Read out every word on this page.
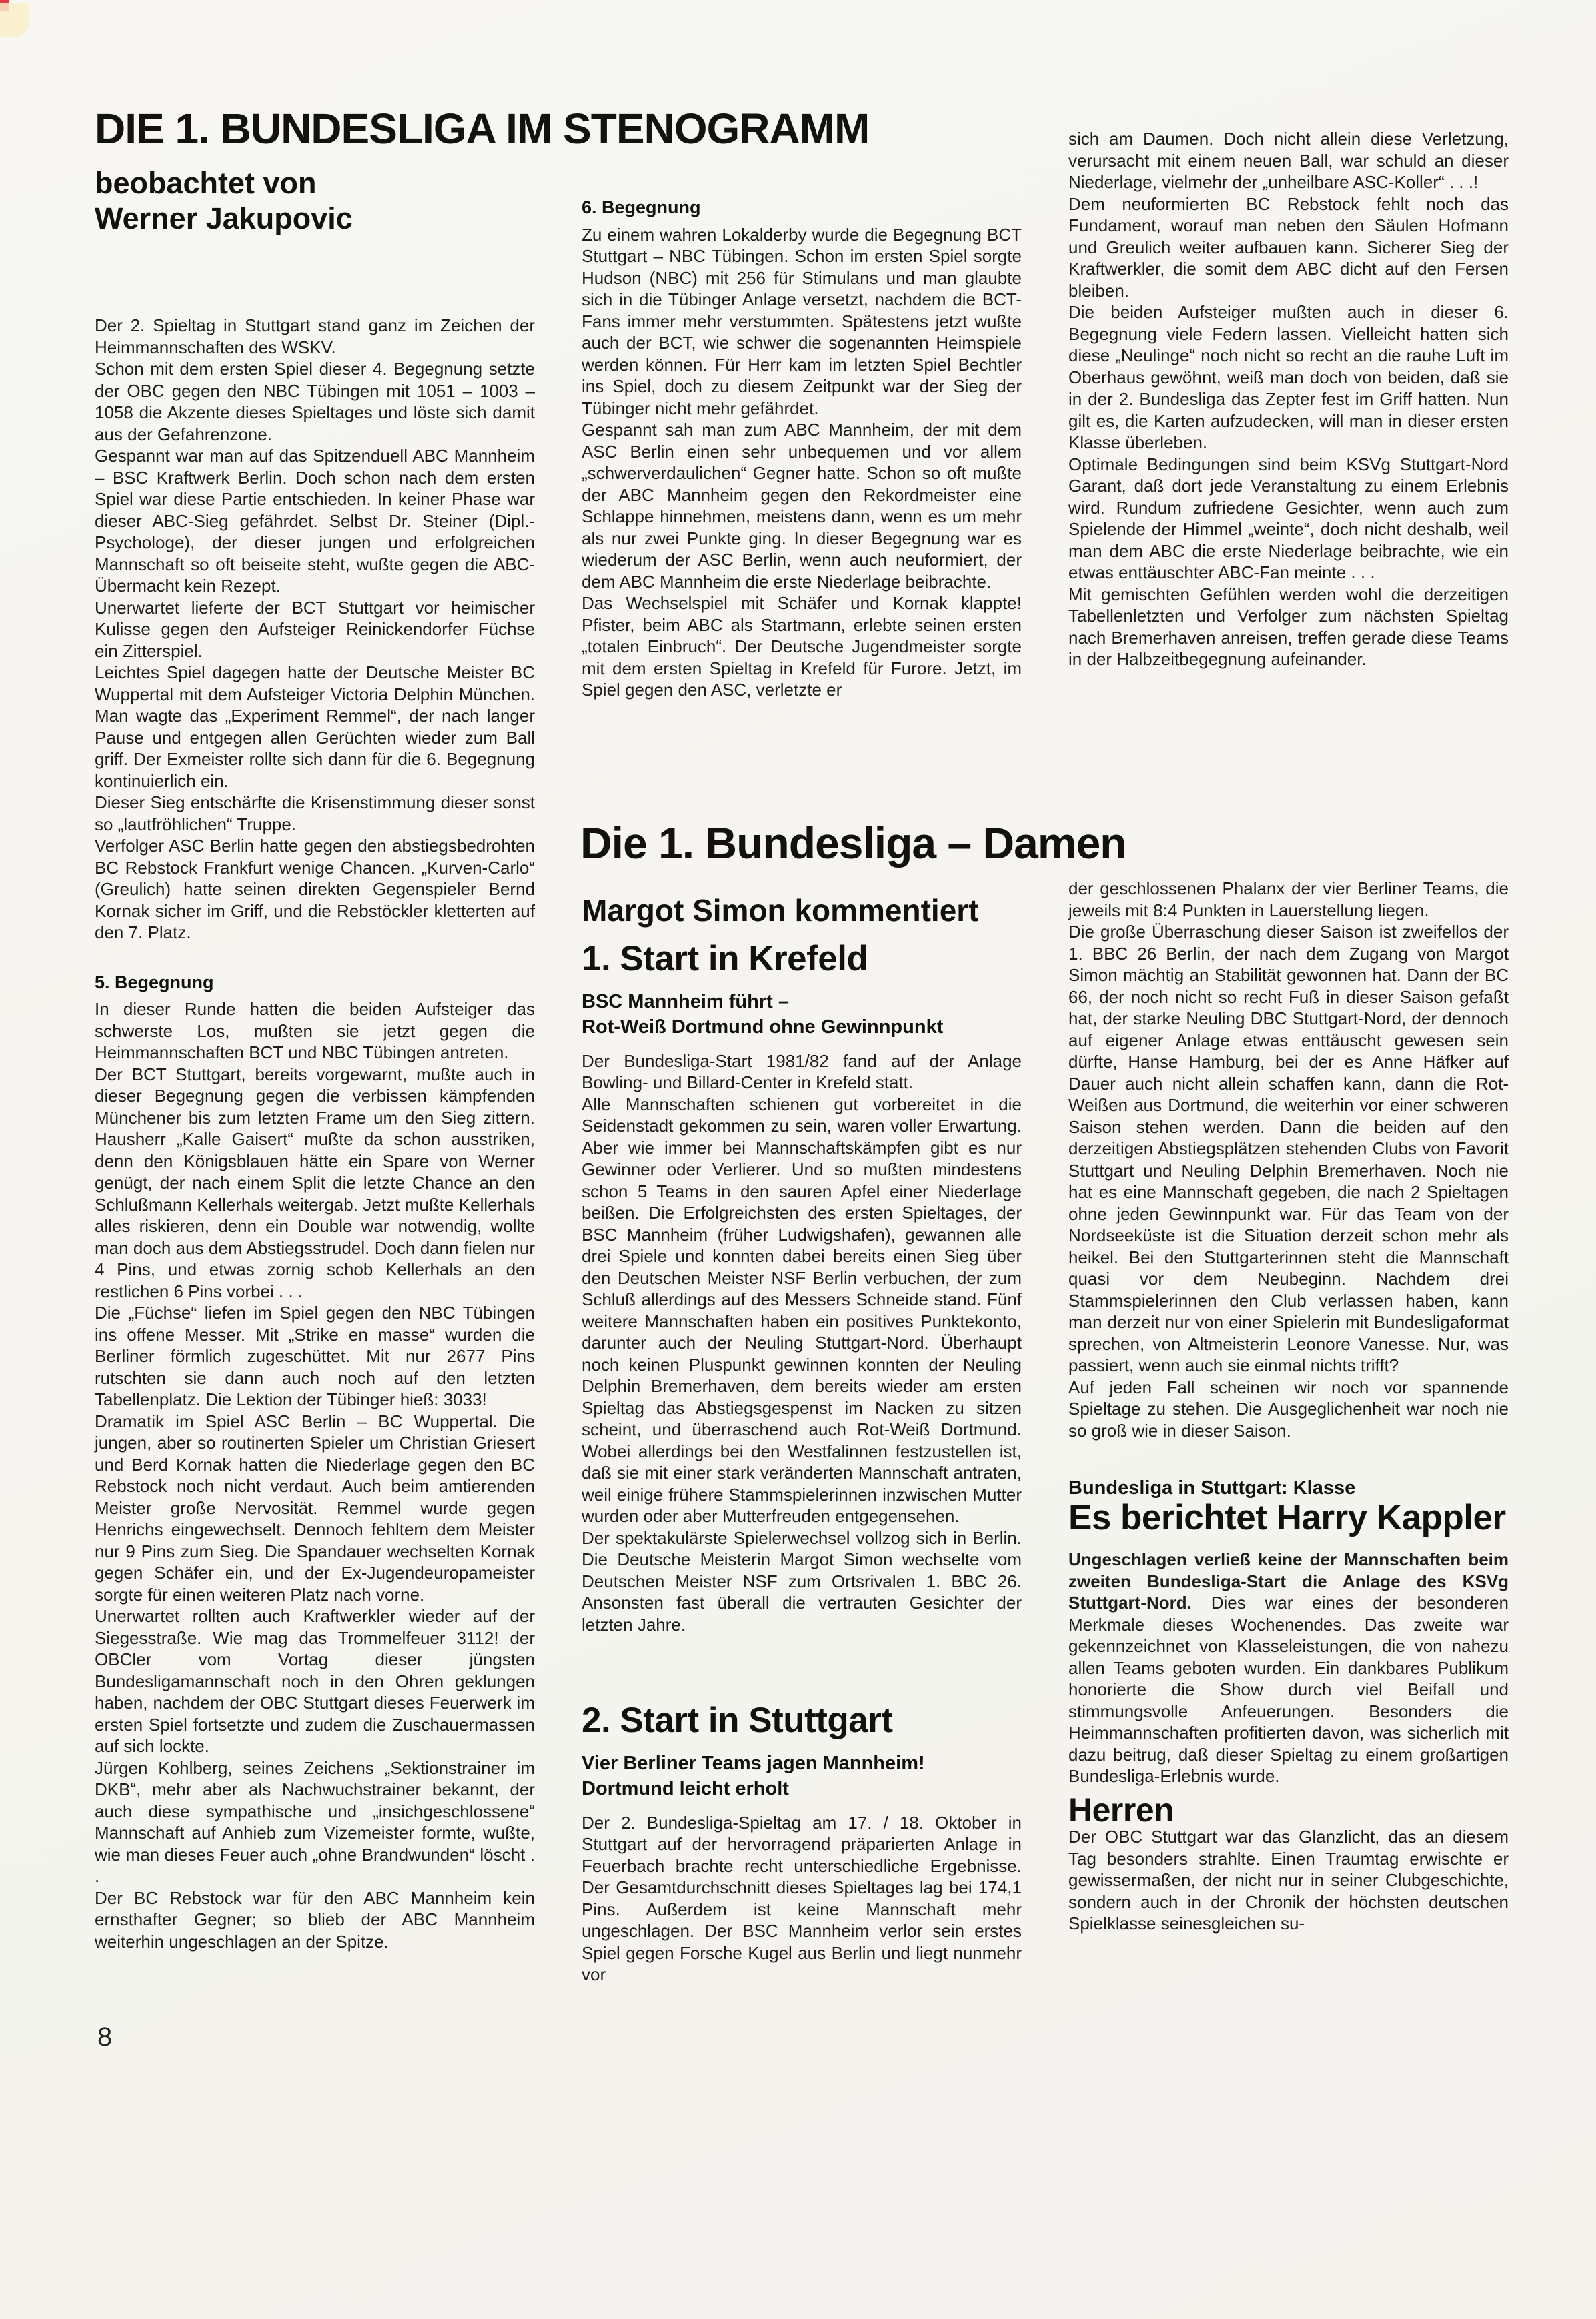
DIE 1. BUNDESLIGA IM STENOGRAMM
beobachtet von
Werner Jakupovic

Der 2. Spieltag in Stuttgart stand ganz im Zeichen der Heimmannschaften des WSKV.

Schon mit dem ersten Spiel dieser 4. Begegnung setzte der OBC gegen den NBC Tübingen mit 1051 – 1003 – 1058 die Akzente dieses Spieltages und löste sich damit aus der Gefahrenzone.

Gespannt war man auf das Spitzenduell ABC Mannheim – BSC Kraftwerk Berlin. Doch schon nach dem ersten Spiel war diese Partie entschieden. In keiner Phase war dieser ABC-Sieg gefährdet. Selbst Dr. Steiner (Dipl.-Psychologe), der dieser jungen und erfolgreichen Mannschaft so oft beiseite steht, wußte gegen die ABC-Übermacht kein Rezept.

Unerwartet lieferte der BCT Stuttgart vor heimischer Kulisse gegen den Aufsteiger Reinickendorfer Füchse ein Zitterspiel.

Leichtes Spiel dagegen hatte der Deutsche Meister BC Wuppertal mit dem Aufsteiger Victoria Delphin München. Man wagte das „Experiment Remmel“, der nach langer Pause und entgegen allen Gerüchten wieder zum Ball griff. Der Exmeister rollte sich dann für die 6. Begegnung kontinuierlich ein.

Dieser Sieg entschärfte die Krisenstimmung dieser sonst so „lautfröhlichen“ Truppe.

Verfolger ASC Berlin hatte gegen den abstiegsbedrohten BC Rebstock Frankfurt wenige Chancen. „Kurven-Carlo“ (Greulich) hatte seinen direkten Gegenspieler Bernd Kornak sicher im Griff, und die Rebstöckler kletterten auf den 7. Platz.

5. Begegnung

In dieser Runde hatten die beiden Aufsteiger das schwerste Los, mußten sie jetzt gegen die Heimmannschaften BCT und NBC Tübingen antreten.

Der BCT Stuttgart, bereits vorgewarnt, mußte auch in dieser Begegnung gegen die verbissen kämpfenden Münchener bis zum letzten Frame um den Sieg zittern. Hausherr „Kalle Gaisert“ mußte da schon ausstriken, denn den Königsblauen hätte ein Spare von Werner genügt, der nach einem Split die letzte Chance an den Schlußmann Kellerhals weitergab. Jetzt mußte Kellerhals alles riskieren, denn ein Double war notwendig, wollte man doch aus dem Abstiegsstrudel. Doch dann fielen nur 4 Pins, und etwas zornig schob Kellerhals an den restlichen 6 Pins vorbei . . .

Die „Füchse“ liefen im Spiel gegen den NBC Tübingen ins offene Messer. Mit „Strike en masse“ wurden die Berliner förmlich zugeschüttet. Mit nur 2677 Pins rutschten sie dann auch noch auf den letzten Tabellenplatz. Die Lektion der Tübinger hieß: 3033!

Dramatik im Spiel ASC Berlin – BC Wuppertal. Die jungen, aber so routinerten Spieler um Christian Griesert und Berd Kornak hatten die Niederlage gegen den BC Rebstock noch nicht verdaut. Auch beim amtierenden Meister große Nervosität. Remmel wurde gegen Henrichs eingewechselt. Dennoch fehltem dem Meister nur 9 Pins zum Sieg. Die Spandauer wechselten Kornak gegen Schäfer ein, und der Ex-Jugendeuropameister sorgte für einen weiteren Platz nach vorne.

Unerwartet rollten auch Kraftwerkler wieder auf der Siegesstraße. Wie mag das Trommelfeuer 3112! der OBCler vom Vortag dieser jüngsten Bundesligamannschaft noch in den Ohren geklungen haben, nachdem der OBC Stuttgart dieses Feuerwerk im ersten Spiel fortsetzte und zudem die Zuschauermassen auf sich lockte.

Jürgen Kohlberg, seines Zeichens „Sektionstrainer im DKB“, mehr aber als Nachwuchstrainer bekannt, der auch diese sympathische und „insichgeschlossene“ Mannschaft auf Anhieb zum Vizemeister formte, wußte, wie man dieses Feuer auch „ohne Brandwunden“ löscht . .

Der BC Rebstock war für den ABC Mannheim kein ernsthafter Gegner; so blieb der ABC Mannheim weiterhin ungeschlagen an der Spitze.

6. Begegnung

Zu einem wahren Lokalderby wurde die Begegnung BCT Stuttgart – NBC Tübingen. Schon im ersten Spiel sorgte Hudson (NBC) mit 256 für Stimulans und man glaubte sich in die Tübinger Anlage versetzt, nachdem die BCT-Fans immer mehr verstummten. Spätestens jetzt wußte auch der BCT, wie schwer die sogenannten Heimspiele werden können. Für Herr kam im letzten Spiel Bechtler ins Spiel, doch zu diesem Zeitpunkt war der Sieg der Tübinger nicht mehr gefährdet.

Gespannt sah man zum ABC Mannheim, der mit dem ASC Berlin einen sehr unbequemen und vor allem „schwerverdaulichen“ Gegner hatte. Schon so oft mußte der ABC Mannheim gegen den Rekordmeister eine Schlappe hinnehmen, meistens dann, wenn es um mehr als nur zwei Punkte ging. In dieser Begegnung war es wiederum der ASC Berlin, wenn auch neuformiert, der dem ABC Mannheim die erste Niederlage beibrachte.

Das Wechselspiel mit Schäfer und Kornak klappte! Pfister, beim ABC als Startmann, erlebte seinen ersten „totalen Einbruch“. Der Deutsche Jugendmeister sorgte mit dem ersten Spieltag in Krefeld für Furore. Jetzt, im Spiel gegen den ASC, verletzte er

sich am Daumen. Doch nicht allein diese Verletzung, verursacht mit einem neuen Ball, war schuld an dieser Niederlage, vielmehr der „unheilbare ASC-Koller“ . . .!

Dem neuformierten BC Rebstock fehlt noch das Fundament, worauf man neben den Säulen Hofmann und Greulich weiter aufbauen kann. Sicherer Sieg der Kraftwerkler, die somit dem ABC dicht auf den Fersen bleiben.

Die beiden Aufsteiger mußten auch in dieser 6. Begegnung viele Federn lassen. Vielleicht hatten sich diese „Neulinge“ noch nicht so recht an die rauhe Luft im Oberhaus gewöhnt, weiß man doch von beiden, daß sie in der 2. Bundesliga das Zepter fest im Griff hatten. Nun gilt es, die Karten aufzudecken, will man in dieser ersten Klasse überleben.

Optimale Bedingungen sind beim KSVg Stuttgart-Nord Garant, daß dort jede Veranstaltung zu einem Erlebnis wird. Rundum zufriedene Gesichter, wenn auch zum Spielende der Himmel „weinte“, doch nicht deshalb, weil man dem ABC die erste Niederlage beibrachte, wie ein etwas enttäuschter ABC-Fan meinte . . .

Mit gemischten Gefühlen werden wohl die derzeitigen Tabellenletzten und Verfolger zum nächsten Spieltag nach Bremerhaven anreisen, treffen gerade diese Teams in der Halbzeitbegegnung aufeinander.

Die 1. Bundesliga – Damen
Margot Simon kommentiert
1. Start in Krefeld
BSC Mannheim führt –
Rot-Weiß Dortmund ohne Gewinnpunkt

Der Bundesliga-Start 1981/82 fand auf der Anlage Bowling- und Billard-Center in Krefeld statt.

Alle Mannschaften schienen gut vorbereitet in die Seidenstadt gekommen zu sein, waren voller Erwartung. Aber wie immer bei Mannschaftskämpfen gibt es nur Gewinner oder Verlierer. Und so mußten mindestens schon 5 Teams in den sauren Apfel einer Niederlage beißen. Die Erfolgreichsten des ersten Spieltages, der BSC Mannheim (früher Ludwigshafen), gewannen alle drei Spiele und konnten dabei bereits einen Sieg über den Deutschen Meister NSF Berlin verbuchen, der zum Schluß allerdings auf des Messers Schneide stand. Fünf weitere Mannschaften haben ein positives Punktekonto, darunter auch der Neuling Stuttgart-Nord. Überhaupt noch keinen Pluspunkt gewinnen konnten der Neuling Delphin Bremerhaven, dem bereits wieder am ersten Spieltag das Abstiegsgespenst im Nacken zu sitzen scheint, und überraschend auch Rot-Weiß Dortmund. Wobei allerdings bei den Westfalinnen festzustellen ist, daß sie mit einer stark veränderten Mannschaft antraten, weil einige frühere Stammspielerinnen inzwischen Mutter wurden oder aber Mutterfreuden entgegensehen.

Der spektakulärste Spielerwechsel vollzog sich in Berlin. Die Deutsche Meisterin Margot Simon wechselte vom Deutschen Meister NSF zum Ortsrivalen 1. BBC 26. Ansonsten fast überall die vertrauten Gesichter der letzten Jahre.

2. Start in Stuttgart
Vier Berliner Teams jagen Mannheim!
Dortmund leicht erholt

Der 2. Bundesliga-Spieltag am 17. / 18. Oktober in Stuttgart auf der hervorragend präparierten Anlage in Feuerbach brachte recht unterschiedliche Ergebnisse. Der Gesamtdurchschnitt dieses Spieltages lag bei 174,1 Pins. Außerdem ist keine Mannschaft mehr ungeschlagen. Der BSC Mannheim verlor sein erstes Spiel gegen Forsche Kugel aus Berlin und liegt nunmehr vor

der geschlossenen Phalanx der vier Berliner Teams, die jeweils mit 8:4 Punkten in Lauerstellung liegen.

Die große Überraschung dieser Saison ist zweifellos der 1. BBC 26 Berlin, der nach dem Zugang von Margot Simon mächtig an Stabilität gewonnen hat. Dann der BC 66, der noch nicht so recht Fuß in dieser Saison gefaßt hat, der starke Neuling DBC Stuttgart-Nord, der dennoch auf eigener Anlage etwas enttäuscht gewesen sein dürfte, Hanse Hamburg, bei der es Anne Häfker auf Dauer auch nicht allein schaffen kann, dann die Rot-Weißen aus Dortmund, die weiterhin vor einer schweren Saison stehen werden. Dann die beiden auf den derzeitigen Abstiegsplätzen stehenden Clubs von Favorit Stuttgart und Neuling Delphin Bremerhaven. Noch nie hat es eine Mannschaft gegeben, die nach 2 Spieltagen ohne jeden Gewinnpunkt war. Für das Team von der Nordseeküste ist die Situation derzeit schon mehr als heikel. Bei den Stuttgarterinnen steht die Mannschaft quasi vor dem Neubeginn. Nachdem drei Stammspielerinnen den Club verlassen haben, kann man derzeit nur von einer Spielerin mit Bundesligaformat sprechen, von Altmeisterin Leonore Vanesse. Nur, was passiert, wenn auch sie einmal nichts trifft?

Auf jeden Fall scheinen wir noch vor spannende Spieltage zu stehen. Die Ausgeglichenheit war noch nie so groß wie in dieser Saison.

Bundesliga in Stuttgart: Klasse
Es berichtet Harry Kappler

Ungeschlagen verließ keine der Mannschaften beim zweiten Bundesliga-Start die Anlage des KSVg Stuttgart-Nord. Dies war eines der besonderen Merkmale dieses Wochenendes. Das zweite war gekennzeichnet von Klasseleistungen, die von nahezu allen Teams geboten wurden. Ein dankbares Publikum honorierte die Show durch viel Beifall und stimmungsvolle Anfeuerungen. Besonders die Heimmannschaften profitierten davon, was sicherlich mit dazu beitrug, daß dieser Spieltag zu einem großartigen Bundesliga-Erlebnis wurde.

Herren

Der OBC Stuttgart war das Glanzlicht, das an diesem Tag besonders strahlte. Einen Traumtag erwischte er gewissermaßen, der nicht nur in seiner Clubgeschichte, sondern auch in der Chronik der höchsten deutschen Spielklasse seinesgleichen su-

8
